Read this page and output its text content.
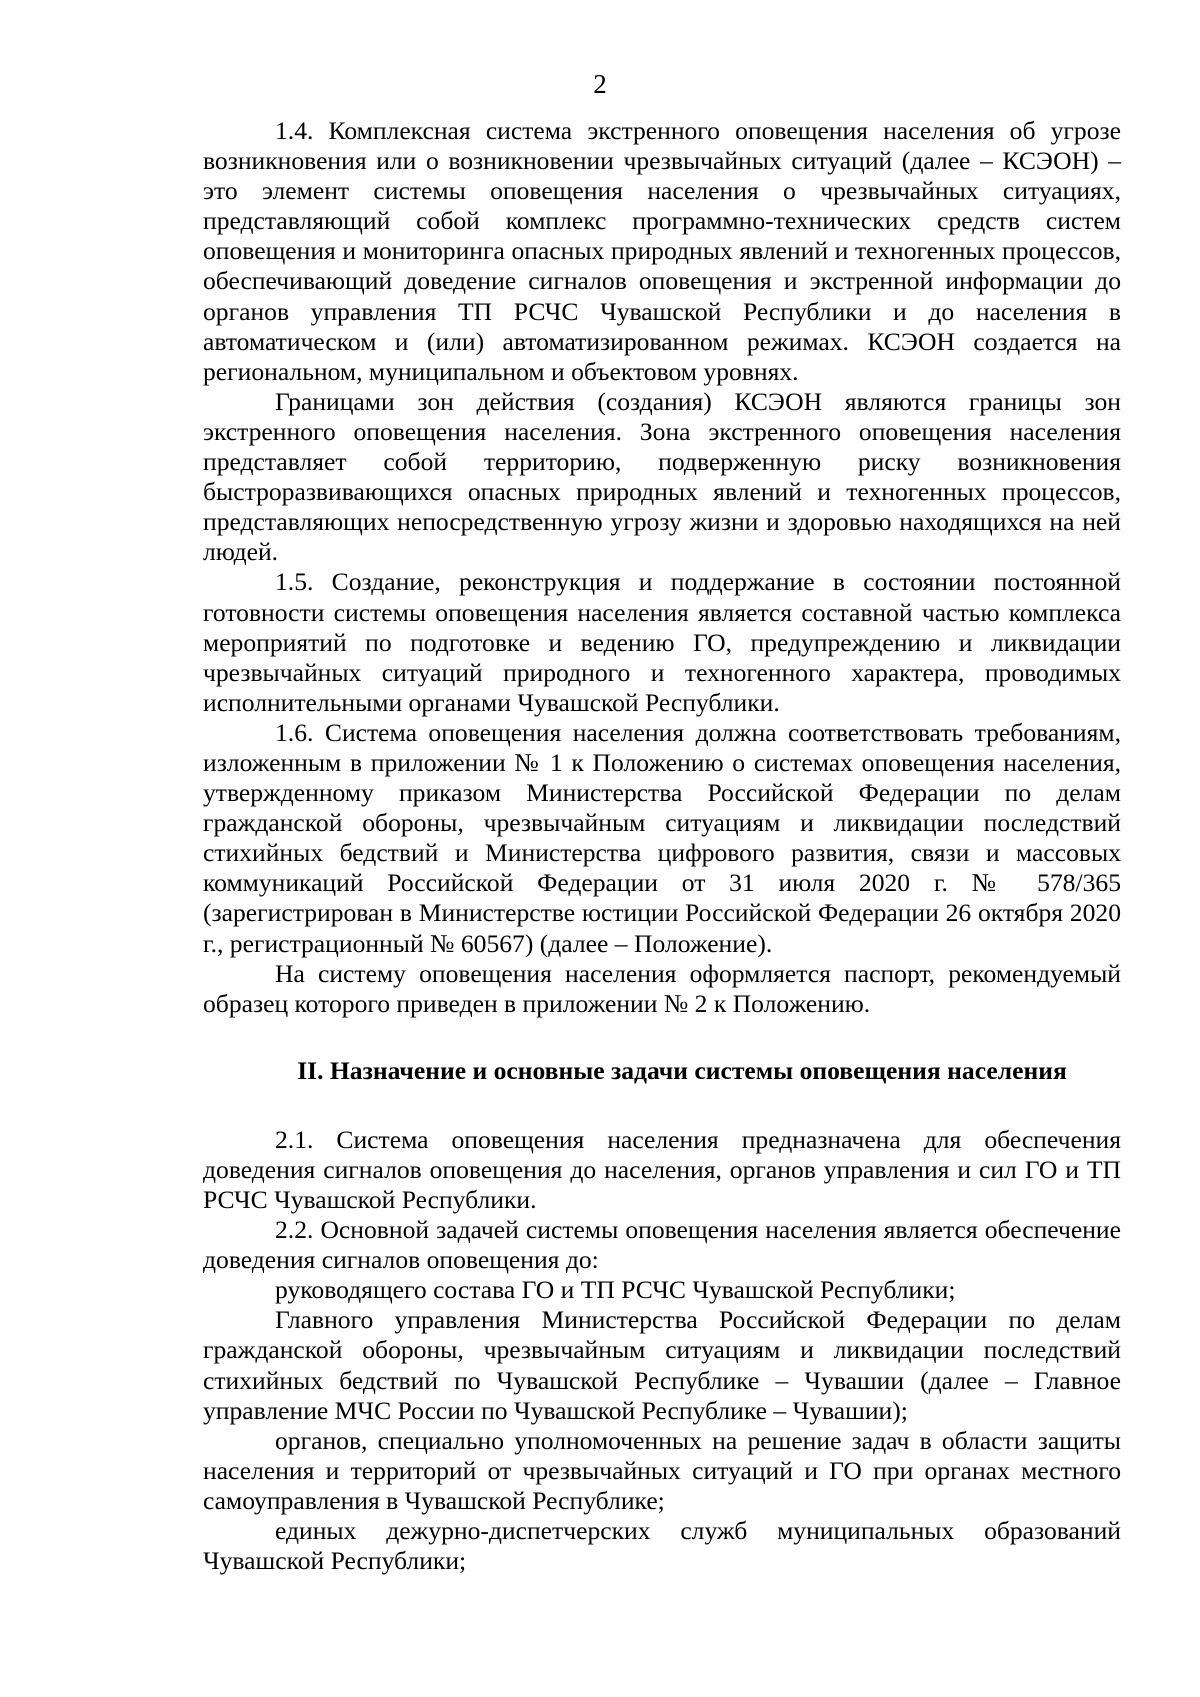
2

1.4. Комплексная система экстренного оповещения населения об угрозе возникновения или о возникновении чрезвычайных ситуаций (далее – КСЭОН) – это элемент системы оповещения населения о чрезвычайных ситуациях, представляющий собой комплекс программно-технических средств систем оповещения и мониторинга опасных природных явлений и техногенных процессов, обеспечивающий доведение сигналов оповещения и экстренной информации до органов управления ТП РСЧС Чувашской Республики и до населения в автоматическом и (или) автоматизированном режимах. КСЭОН создается на региональном, муниципальном и объектовом уровнях.

Границами зон действия (создания) КСЭОН являются границы зон экстренного оповещения населения. Зона экстренного оповещения населения представляет собой территорию, подверженную риску возникновения быстроразвивающихся опасных природных явлений и техногенных процессов, представляющих непосредственную угрозу жизни и здоровью находящихся на ней людей.

1.5. Создание, реконструкция и поддержание в состоянии постоянной готовности системы оповещения населения является составной частью комплекса мероприятий по подготовке и ведению ГО, предупреждению и ликвидации чрезвычайных ситуаций природного и техногенного характера, проводимых исполнительными органами Чувашской Республики.

1.6. Система оповещения населения должна соответствовать требованиям, изложенным в приложении № 1 к Положению о системах оповещения населения, утвержденному приказом Министерства Российской Федерации по делам гражданской обороны, чрезвычайным ситуациям и ликвидации последствий стихийных бедствий и Министерства цифрового развития, связи и массовых коммуникаций Российской Федерации от 31 июля 2020 г. № 578/365 (зарегистрирован в Министерстве юстиции Российской Федерации 26 октября 2020 г., регистрационный № 60567) (далее – Положение).

На систему оповещения населения оформляется паспорт, рекомендуемый образец которого приведен в приложении № 2 к Положению.

II. Назначение и основные задачи системы оповещения населения

2.1. Система оповещения населения предназначена для обеспечения доведения сигналов оповещения до населения, органов управления и сил ГО и ТП РСЧС Чувашской Республики.

2.2. Основной задачей системы оповещения населения является обеспечение доведения сигналов оповещения до:

руководящего состава ГО и ТП РСЧС Чувашской Республики;

Главного управления Министерства Российской Федерации по делам гражданской обороны, чрезвычайным ситуациям и ликвидации последствий стихийных бедствий по Чувашской Республике – Чувашии (далее – Главное управление МЧС России по Чувашской Республике – Чувашии);

органов, специально уполномоченных на решение задач в области защиты населения и территорий от чрезвычайных ситуаций и ГО при органах местного самоуправления в Чувашской Республике;

единых дежурно-диспетчерских служб муниципальных образований Чувашской Республики;
